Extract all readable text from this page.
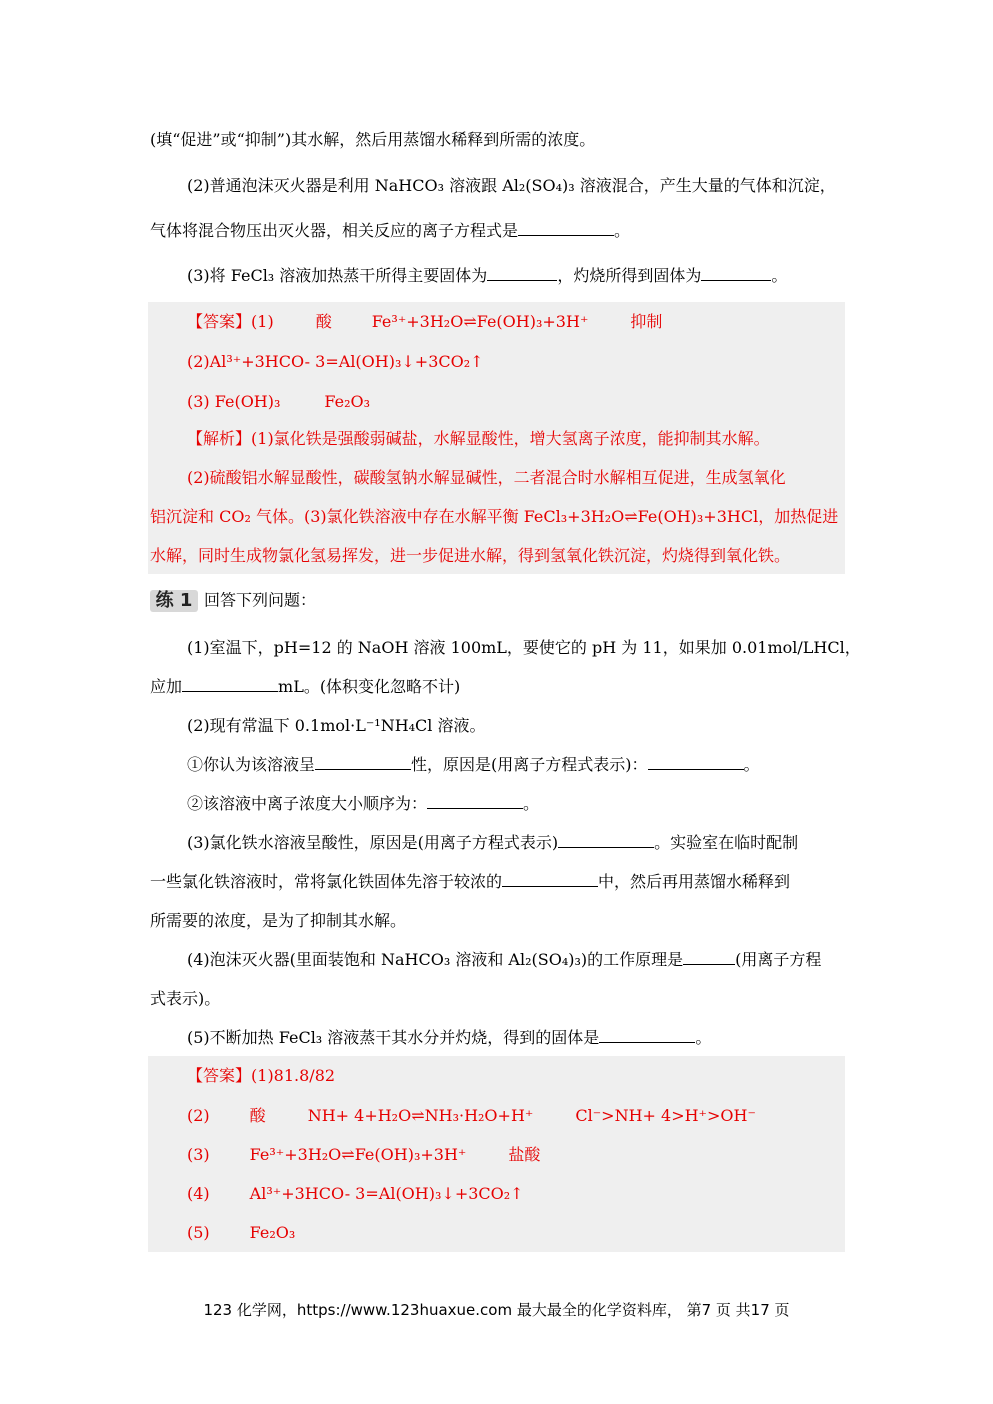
(填“促进”或“抑制”)其水解，然后用蒸馏水稀释到所需的浓度。
(2)普通泡沫灭火器是利用 NaHCO₃ 溶液跟 Al₂(SO₄)₃ 溶液混合，产生大量的气体和沉淀，
气体将混合物压出灭火器，相关反应的离子方程式是	。
(3)将 FeCl₃ 溶液加热蒸干所得主要固体为	，灼烧所得到固体为	。
【答案】(1)	酸	Fe³⁺+3H₂O⇌Fe(OH)₃+3H⁺	抑制
(2)Al³⁺+3HCO- 3=Al(OH)₃↓+3CO₂↑
(3) Fe(OH)₃	Fe₂O₃
【解析】(1)氯化铁是强酸弱碱盐，水解显酸性，增大氢离子浓度，能抑制其水解。
(2)硫酸铝水解显酸性，碳酸氢钠水解显碱性，二者混合时水解相互促进，生成氢氧化
铝沉淀和 CO₂ 气体。(3)氯化铁溶液中存在水解平衡 FeCl₃+3H₂O⇌Fe(OH)₃+3HCl，加热促进
水解，同时生成物氯化氢易挥发，进一步促进水解，得到氢氧化铁沉淀，灼烧得到氧化铁。
练 1 回答下列问题：
(1)室温下，pH=12 的 NaOH 溶液 100mL，要使它的 pH 为 11，如果加 0.01mol/LHCl，
应加	mL。(体积变化忽略不计)
(2)现有常温下 0.1mol·L⁻¹NH₄Cl 溶液。
①你认为该溶液呈	性，原因是(用离子方程式表示)：	。
②该溶液中离子浓度大小顺序为：	。
(3)氯化铁水溶液呈酸性，原因是(用离子方程式表示)	。实验室在临时配制
一些氯化铁溶液时，常将氯化铁固体先溶于较浓的	中，然后再用蒸馏水稀释到
所需要的浓度，是为了抑制其水解。
(4)泡沫灭火器(里面装饱和 NaHCO₃ 溶液和 Al₂(SO₄)₃)的工作原理是	(用离子方程
式表示)。
(5)不断加热 FeCl₃ 溶液蒸干其水分并灼烧，得到的固体是	。
【答案】(1)81.8/82
(2)	酸	NH+ 4+H₂O⇌NH₃·H₂O+H⁺	Cl⁻>NH+ 4>H⁺>OH⁻
(3)	Fe³⁺+3H₂O⇌Fe(OH)₃+3H⁺	盐酸
(4)	Al³⁺+3HCO- 3=Al(OH)₃↓+3CO₂↑
(5)	Fe₂O₃
123 化学网，https://www.123huaxue.com 最大最全的化学资料库， 第7 页 共17 页
